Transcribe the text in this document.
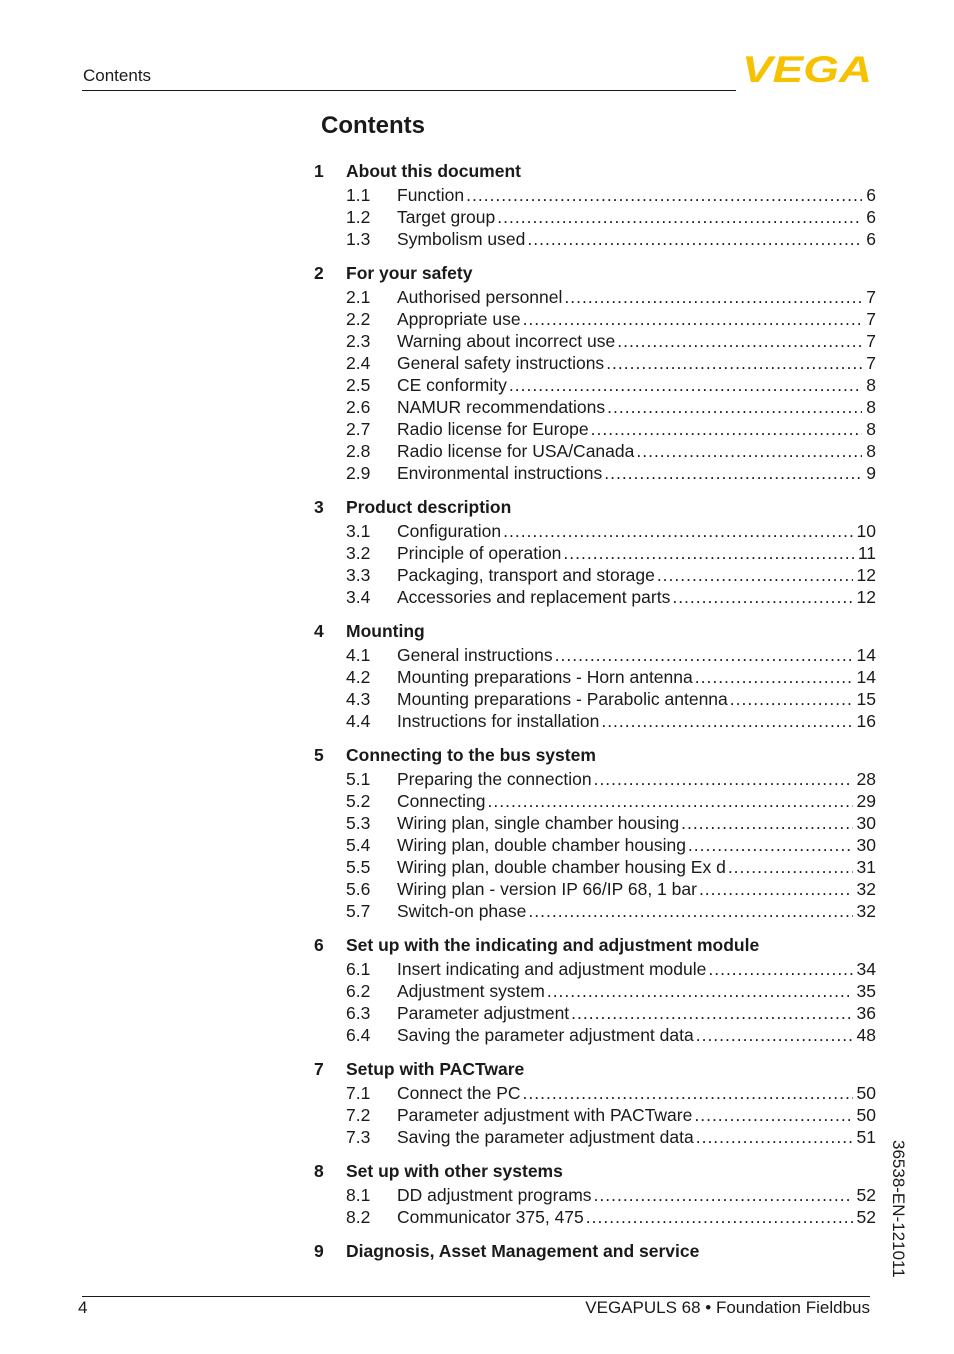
Contents	VEGA
Contents
1	About this document
1.1	Function .....	6
1.2	Target group .....	6
1.3	Symbolism used .....	6
2	For your safety
2.1	Authorised personnel .....	7
2.2	Appropriate use .....	7
2.3	Warning about incorrect use .....	7
2.4	General safety instructions .....	7
2.5	CE conformity .....	8
2.6	NAMUR recommendations .....	8
2.7	Radio license for Europe .....	8
2.8	Radio license for USA/Canada .....	8
2.9	Environmental instructions .....	9
3	Product description
3.1	Configuration .....	10
3.2	Principle of operation .....	11
3.3	Packaging, transport and storage .....	12
3.4	Accessories and replacement parts .....	12
4	Mounting
4.1	General instructions .....	14
4.2	Mounting preparations - Horn antenna .....	14
4.3	Mounting preparations - Parabolic antenna .....	15
4.4	Instructions for installation .....	16
5	Connecting to the bus system
5.1	Preparing the connection .....	28
5.2	Connecting .....	29
5.3	Wiring plan, single chamber housing .....	30
5.4	Wiring plan, double chamber housing .....	30
5.5	Wiring plan, double chamber housing Ex d .....	31
5.6	Wiring plan - version IP 66/IP 68, 1 bar .....	32
5.7	Switch-on phase .....	32
6	Set up with the indicating and adjustment module
6.1	Insert indicating and adjustment module .....	34
6.2	Adjustment system .....	35
6.3	Parameter adjustment .....	36
6.4	Saving the parameter adjustment data .....	48
7	Setup with PACTware
7.1	Connect the PC .....	50
7.2	Parameter adjustment with PACTware .....	50
7.3	Saving the parameter adjustment data .....	51
8	Set up with other systems
8.1	DD adjustment programs .....	52
8.2	Communicator 375, 475 .....	52
9	Diagnosis, Asset Management and service	36538-EN-121011
4	VEGAPULS 68 • Foundation Fieldbus
